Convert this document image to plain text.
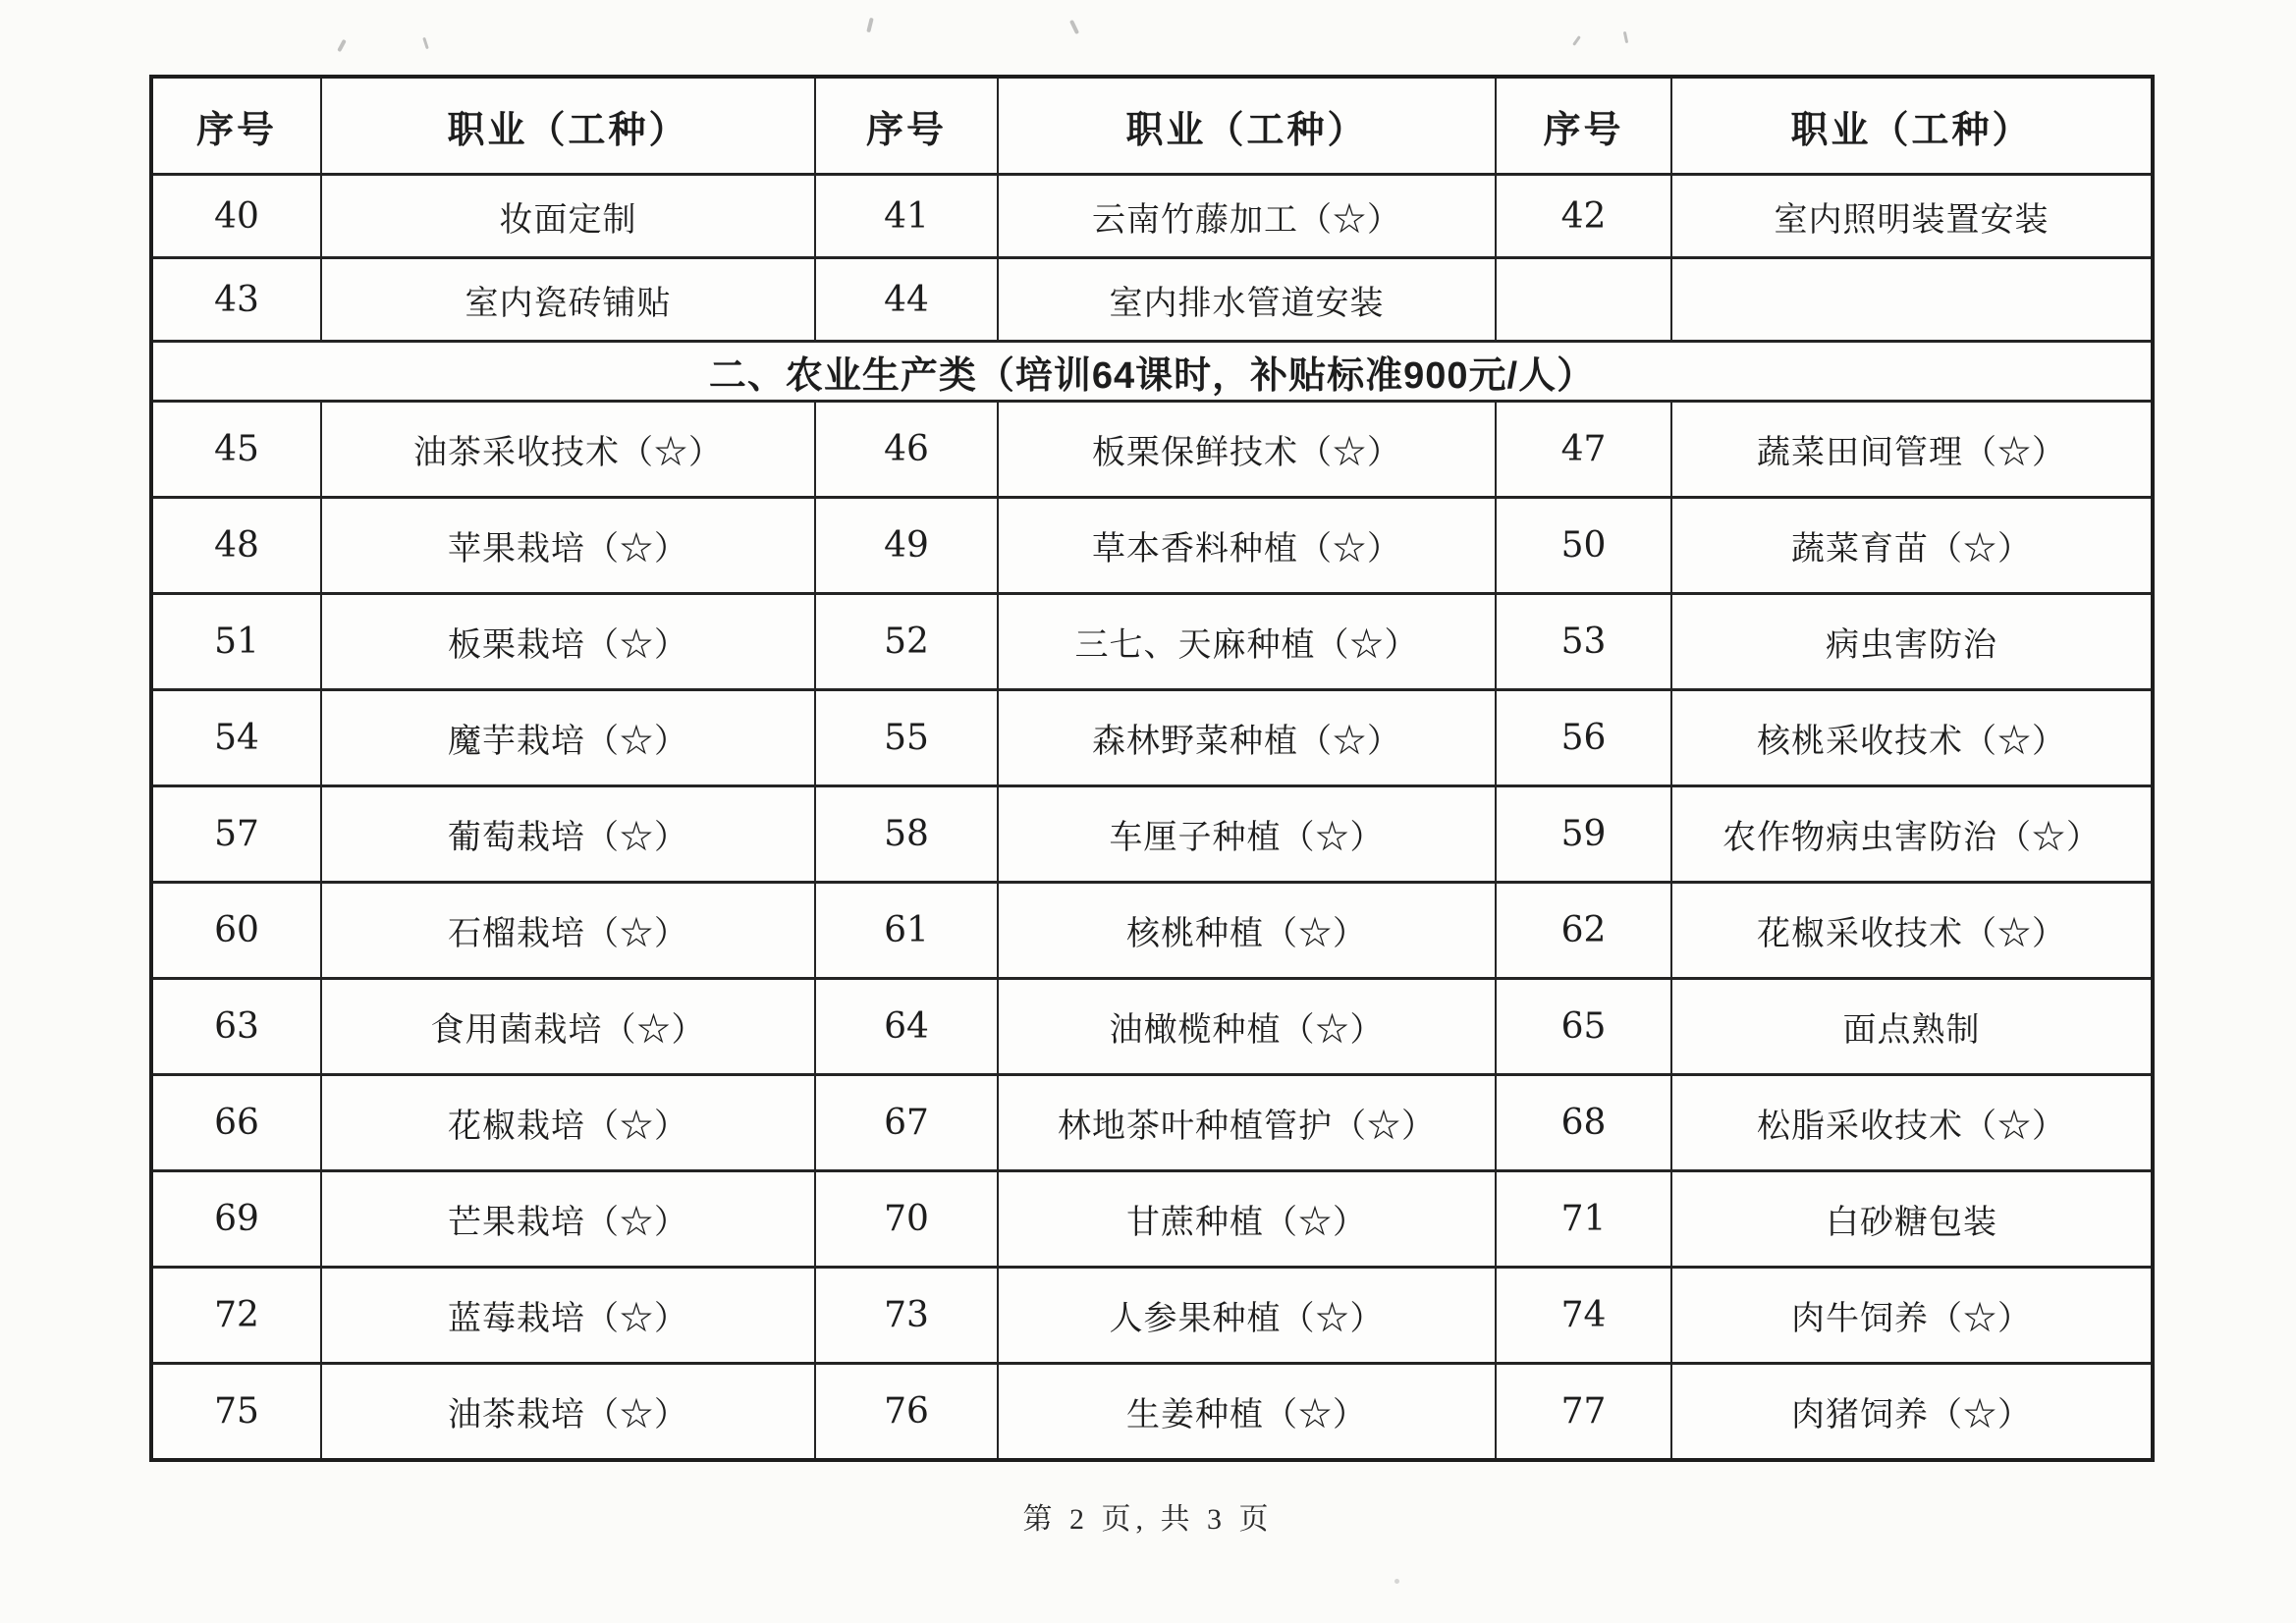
序号	职业（工种）	序号	职业（工种）	序号	职业（工种）
40	妆面定制	41	云南竹藤加工（☆）	42	室内照明装置安装
43	室内瓷砖铺贴	44	室内排水管道安装		
二、农业生产类（培训64课时，补贴标准900元/人）					
45	油茶采收技术（☆）	46	板栗保鲜技术（☆）	47	蔬菜田间管理（☆）
48	苹果栽培（☆）	49	草本香料种植（☆）	50	蔬菜育苗（☆）
51	板栗栽培（☆）	52	三七、天麻种植（☆）	53	病虫害防治
54	魔芋栽培（☆）	55	森林野菜种植（☆）	56	核桃采收技术（☆）
57	葡萄栽培（☆）	58	车厘子种植（☆）	59	农作物病虫害防治（☆）
60	石榴栽培（☆）	61	核桃种植（☆）	62	花椒采收技术（☆）
63	食用菌栽培（☆）	64	油橄榄种植（☆）	65	面点熟制
66	花椒栽培（☆）	67	林地茶叶种植管护（☆）	68	松脂采收技术（☆）
69	芒果栽培（☆）	70	甘蔗种植（☆）	71	白砂糖包装
72	蓝莓栽培（☆）	73	人参果种植（☆）	74	肉牛饲养（☆）
75	油茶栽培（☆）	76	生姜种植（☆）	77	肉猪饲养（☆）
第 2 页, 共 3 页
